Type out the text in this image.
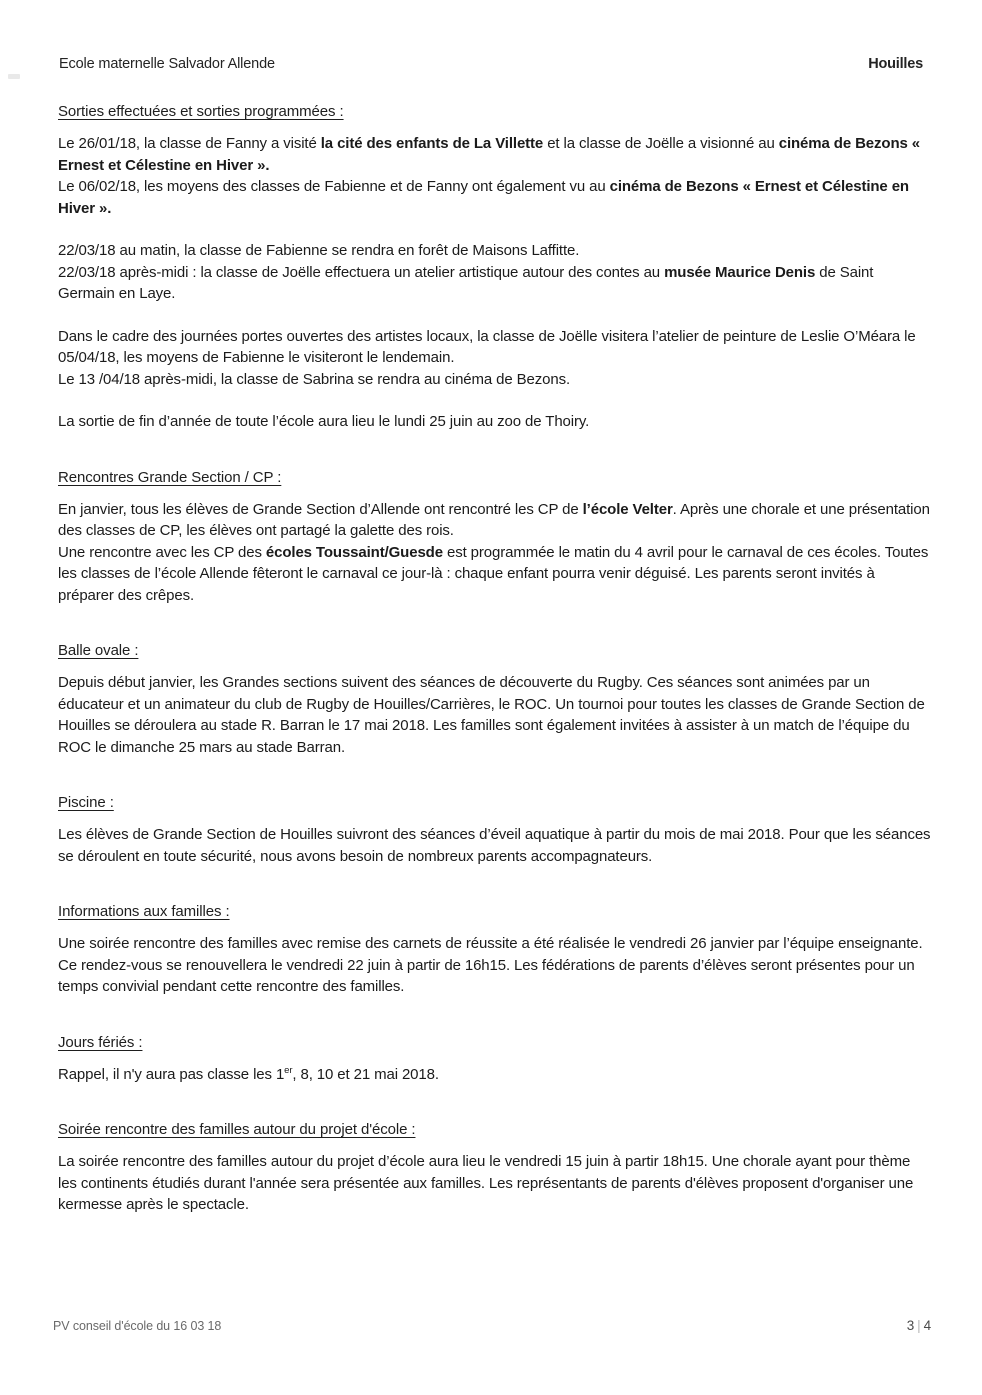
Ecole maternelle Salvador Allende	Houilles
Sorties effectuées et sorties programmées :

Le 26/01/18, la classe de Fanny a visité la cité des enfants de La Villette et la classe de Joëlle a visionné au cinéma de Bezons « Ernest et Célestine en Hiver ».
Le 06/02/18, les moyens des classes de Fabienne et de Fanny ont également vu au cinéma de Bezons « Ernest et Célestine en Hiver ».

22/03/18 au matin, la classe de Fabienne se rendra en forêt de Maisons Laffitte.
22/03/18 après-midi : la classe de Joëlle effectuera un atelier artistique autour des contes au musée Maurice Denis de Saint Germain en Laye.

Dans le cadre des journées portes ouvertes des artistes locaux, la classe de Joëlle visitera l’atelier de peinture de Leslie O’Méara le 05/04/18, les moyens de Fabienne le visiteront le lendemain.
Le 13 /04/18 après-midi, la classe de Sabrina se rendra au cinéma de Bezons.

La sortie de fin d’année de toute l’école aura lieu le lundi 25 juin au zoo de Thoiry.

Rencontres Grande Section / CP :

En janvier, tous les élèves de Grande Section d’Allende ont rencontré les CP de l’école Velter. Après une chorale et une présentation des classes de CP, les élèves ont partagé la galette des rois.
Une rencontre avec les CP des écoles Toussaint/Guesde est programmée le matin du 4 avril pour le carnaval de ces écoles. Toutes les classes de l’école Allende fêteront le carnaval ce jour-là : chaque enfant pourra venir déguisé. Les parents seront invités à préparer des crêpes.

Balle ovale :

Depuis début janvier, les Grandes sections suivent des séances de découverte du Rugby. Ces séances sont animées par un éducateur et un animateur du club de Rugby de Houilles/Carrières, le ROC. Un tournoi pour toutes les classes de Grande Section de Houilles se déroulera au stade R. Barran le 17 mai 2018. Les familles sont également invitées à assister à un match de l’équipe du ROC le dimanche 25 mars au stade Barran.

Piscine :

Les élèves de Grande Section de Houilles suivront des séances d’éveil aquatique à partir du mois de mai 2018. Pour que les séances se déroulent en toute sécurité, nous avons besoin de nombreux parents accompagnateurs.

Informations aux familles :

Une soirée rencontre des familles avec remise des carnets de réussite a été réalisée le vendredi 26 janvier par l’équipe enseignante.
Ce rendez-vous se renouvellera le vendredi 22 juin à partir de 16h15. Les fédérations de parents d’élèves seront présentes pour un temps convivial pendant cette rencontre des familles.

Jours fériés :

Rappel, il n'y aura pas classe les 1er, 8, 10 et 21 mai 2018.

Soirée rencontre des familles autour du projet d'école :

La soirée rencontre des familles autour du projet d’école aura lieu le vendredi 15 juin à partir 18h15. Une chorale ayant pour thème les continents étudiés durant l'année sera présentée aux familles. Les représentants de parents d'élèves proposent d'organiser une kermesse après le spectacle.

PV conseil d'école du 16 03 18	3 | 4
